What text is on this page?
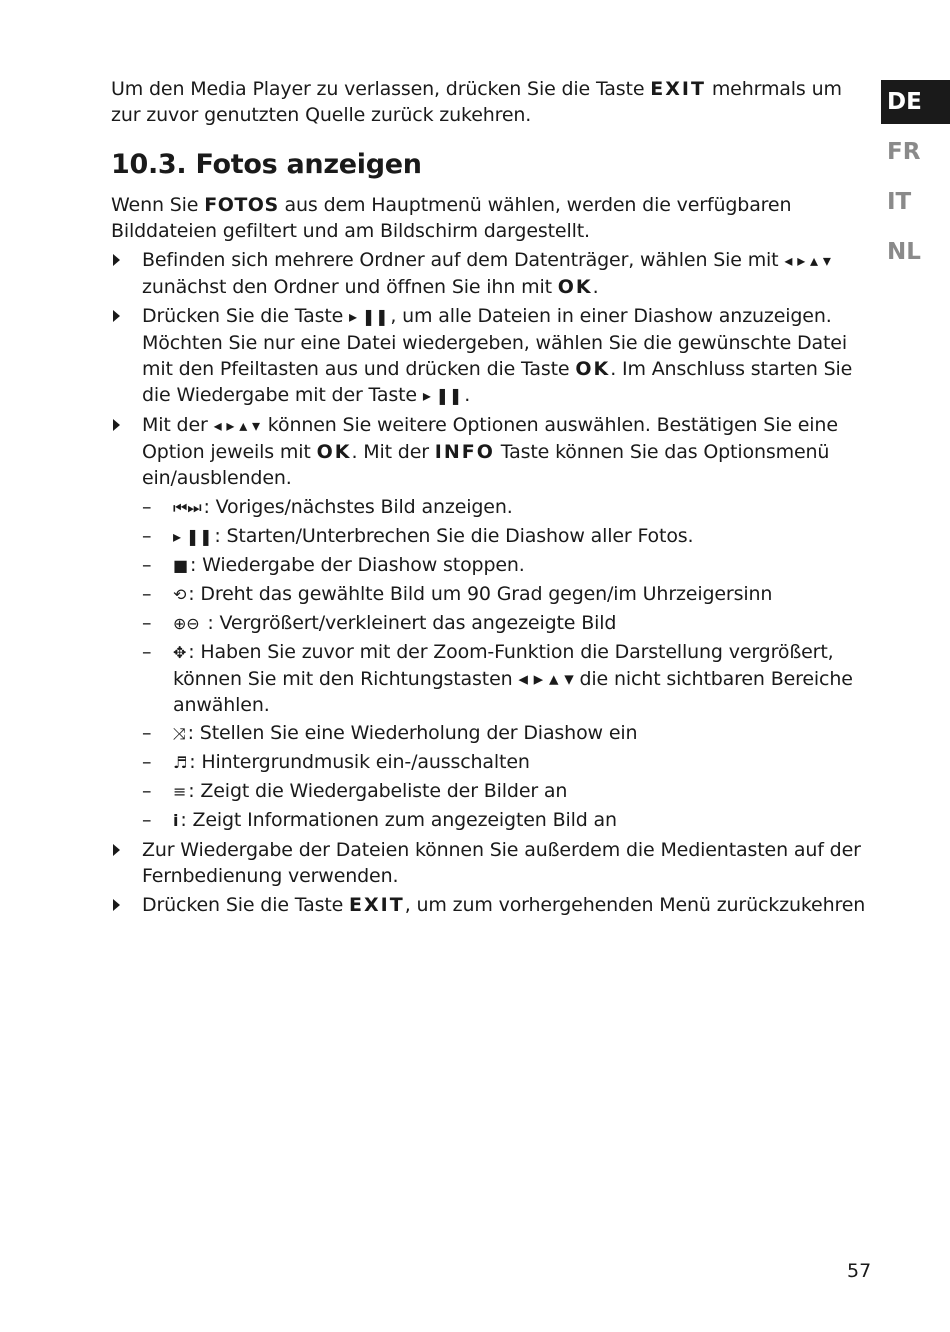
Um den Media Player zu verlassen, drücken Sie die Taste EXIT mehrmals um zur zuvor genutzten Quelle zurück zukehren.

10.3. Fotos anzeigen

Wenn Sie FOTOS aus dem Hauptmenü wählen, werden die verfügbaren Bilddateien gefiltert und am Bildschirm dargestellt.

Befinden sich mehrere Ordner auf dem Datenträger, wählen Sie mit ◂ ▸ ▴ ▾ zunächst den Ordner und öffnen Sie ihn mit OK.
Drücken Sie die Taste ▸ ❚❚ , um alle Dateien in einer Diashow anzuzeigen. Möchten Sie nur eine Datei wiedergeben, wählen Sie die gewünschte Datei mit den Pfeiltasten aus und drücken die Taste OK. Im Anschluss starten Sie die Wiedergabe mit der Taste ▸ ❚❚ .
Mit der ◂ ▸ ▴ ▾ können Sie weitere Optionen auswählen. Bestätigen Sie eine Option jeweils mit OK. Mit der INFO Taste können Sie das Optionsmenü ein/ausblenden.
– ⏮⏭ : Voriges/nächstes Bild anzeigen.
– ▸ ❚❚ : Starten/Unterbrechen Sie die Diashow aller Fotos.
– ■ : Wiedergabe der Diashow stoppen.
– ⟲ : Dreht das gewählte Bild um 90 Grad gegen/im Uhrzeigersinn
– ⊕⊖ : Vergrößert/verkleinert das angezeigte Bild
– ✥ : Haben Sie zuvor mit der Zoom-Funktion die Darstellung vergrößert, können Sie mit den Richtungstasten ◂ ▸ ▴ ▾ die nicht sichtbaren Bereiche anwählen.
– ⤨ : Stellen Sie eine Wiederholung der Diashow ein
– ♬ : Hintergrundmusik ein-/ausschalten
– ≡ : Zeigt die Wiedergabeliste der Bilder an
– i : Zeigt Informationen zum angezeigten Bild an
Zur Wiedergabe der Dateien können Sie außerdem die Medientasten auf der Fernbedienung verwenden.
Drücken Sie die Taste EXIT, um zum vorhergehenden Menü zurückzukehren
DE
FR
IT
NL
57
